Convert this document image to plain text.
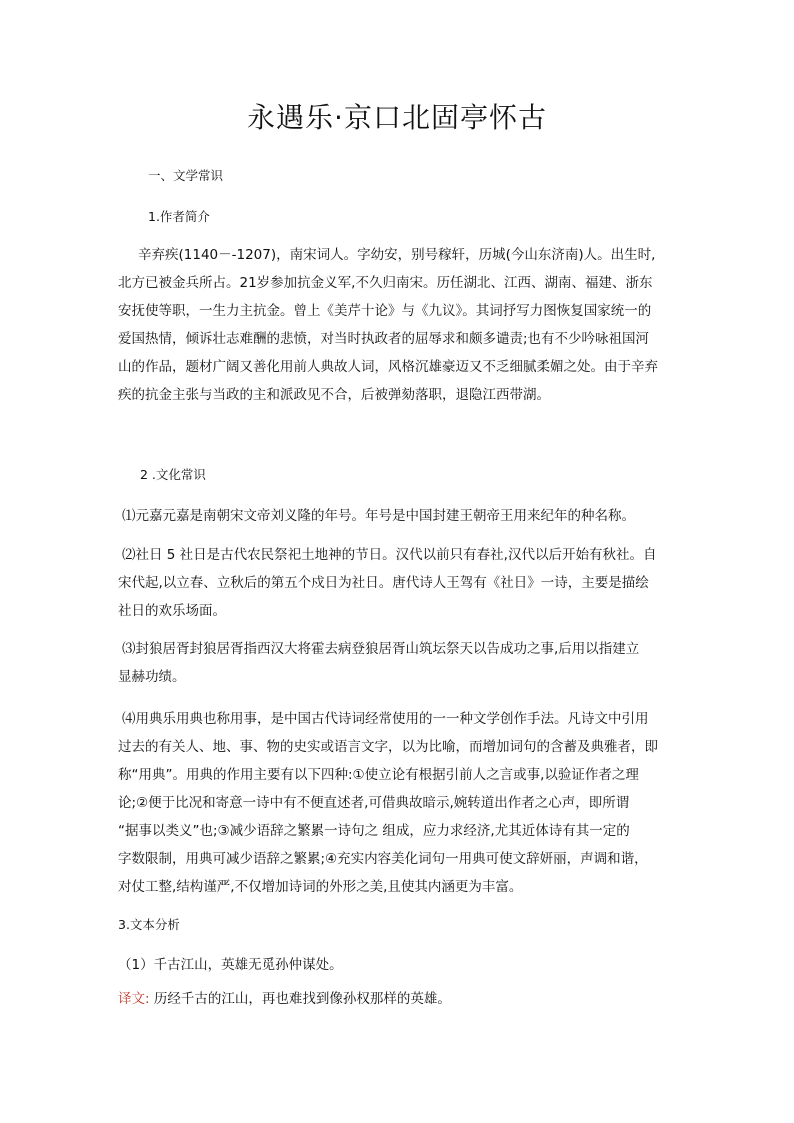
永遇乐·京口北固亭怀古
一、文学常识
1.作者简介
辛弃疾(1140－-1207)，南宋词人。字幼安，别号稼轩，历城(今山东济南)人。出生时,
北方已被金兵所占。21岁参加抗金义军,不久归南宋。历任湖北、江西、湖南、福建、浙东
安抚使等职，一生力主抗金。曾上《美芹十论》与《九议》。其词抒写力图恢复国家统一的
爱国热情，倾诉壮志难酬的悲愤，对当时执政者的屈辱求和颇多谴责;也有不少吟咏祖国河
山的作品，题材广阔又善化用前人典故人词，风格沉雄豪迈又不乏细腻柔媚之处。由于辛弃
疾的抗金主张与当政的主和派政见不合，后被弹劾落职，退隐江西带湖。
2 .文化常识
⑴元嘉元嘉是南朝宋文帝刘义隆的年号。年号是中国封建王朝帝王用来纪年的种名称。
⑵社日 5 社日是古代农民祭祀土地神的节日。汉代以前只有春社,汉代以后开始有秋社。自
宋代起,以立春、立秋后的第五个戍日为社日。唐代诗人王驾有《社日》一诗，主要是描绘
社日的欢乐场面。
⑶封狼居胥封狼居胥指西汉大将霍去病登狼居胥山筑坛祭天以告成功之事,后用以指建立
显赫功绩。
⑷用典乐用典也称用事，是中国古代诗词经常使用的一一种文学创作手法。凡诗文中引用
过去的有关人、地、事、物的史实或语言文字，以为比喻，而增加词句的含蓄及典雅者，即
称“用典”。用典的作用主要有以下四种:①使立论有根据引前人之言或事,以验证作者之理
论;②便于比况和寄意一诗中有不便直述者,可借典故暗示,婉转道出作者之心声，即所谓
“据事以类义”也;③减少语辞之繁累一诗句之 组成，应力求经济,尤其近体诗有其一定的
字数限制，用典可减少语辞之繁累;④充实内容美化词句一用典可使文辞妍丽，声调和谐，
对仗工整,结构谨严,不仅增加诗词的外形之美,且使其内涵更为丰富。
3.文本分析
（1）千古江山，英雄无觅孙仲谋处。
译文: 历经千古的江山，再也难找到像孙权那样的英雄。
